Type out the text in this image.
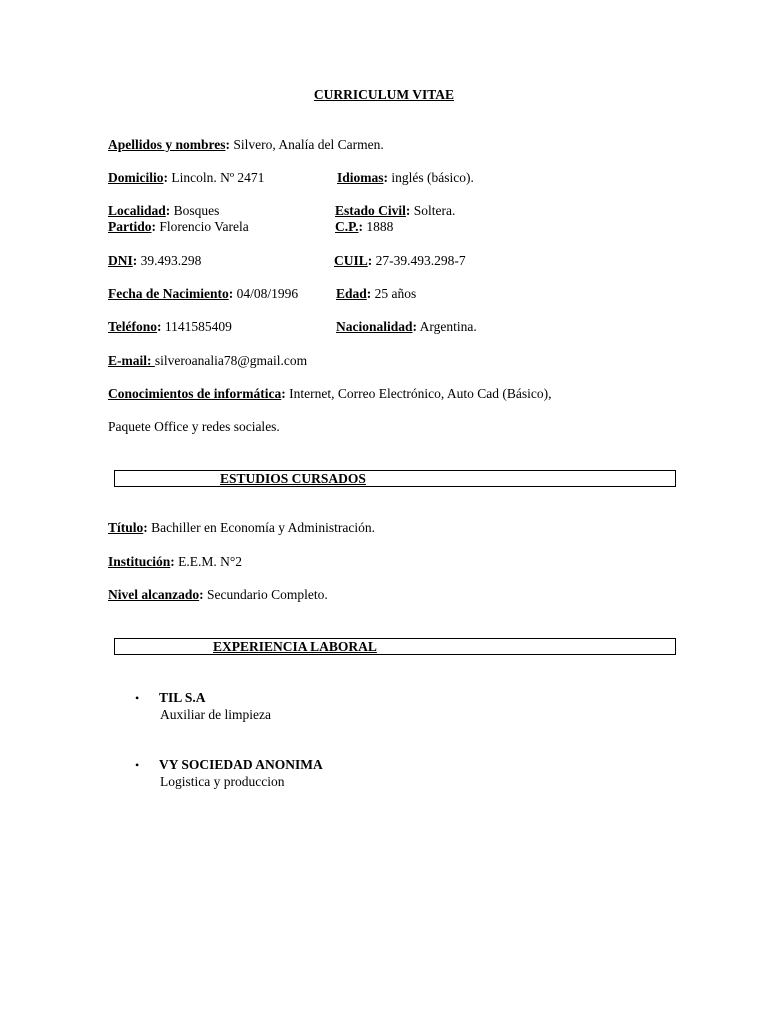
CURRICULUM VITAE
Apellidos y nombres: Silvero, Analía del Carmen.
Domicilio: Lincoln. Nº 2471	Idiomas: inglés (básico).
Localidad: Bosques	Estado Civil: Soltera.
Partido: Florencio Varela	C.P.: 1888
DNI: 39.493.298	CUIL: 27-39.493.298-7
Fecha de Nacimiento: 04/08/1996	Edad: 25 años
Teléfono: 1141585409	Nacionalidad: Argentina.
E-mail: silveroanalia78@gmail.com
Conocimientos de informática: Internet, Correo Electrónico, Auto Cad (Básico),
Paquete Office y redes sociales.
ESTUDIOS CURSADOS
Título: Bachiller en Economía y Administración.
Institución: E.E.M. N°2
Nivel alcanzado: Secundario Completo.
EXPERIENCIA LABORAL
• TIL S.A
Auxiliar de limpieza
• VY SOCIEDAD ANONIMA
Logistica y produccion
